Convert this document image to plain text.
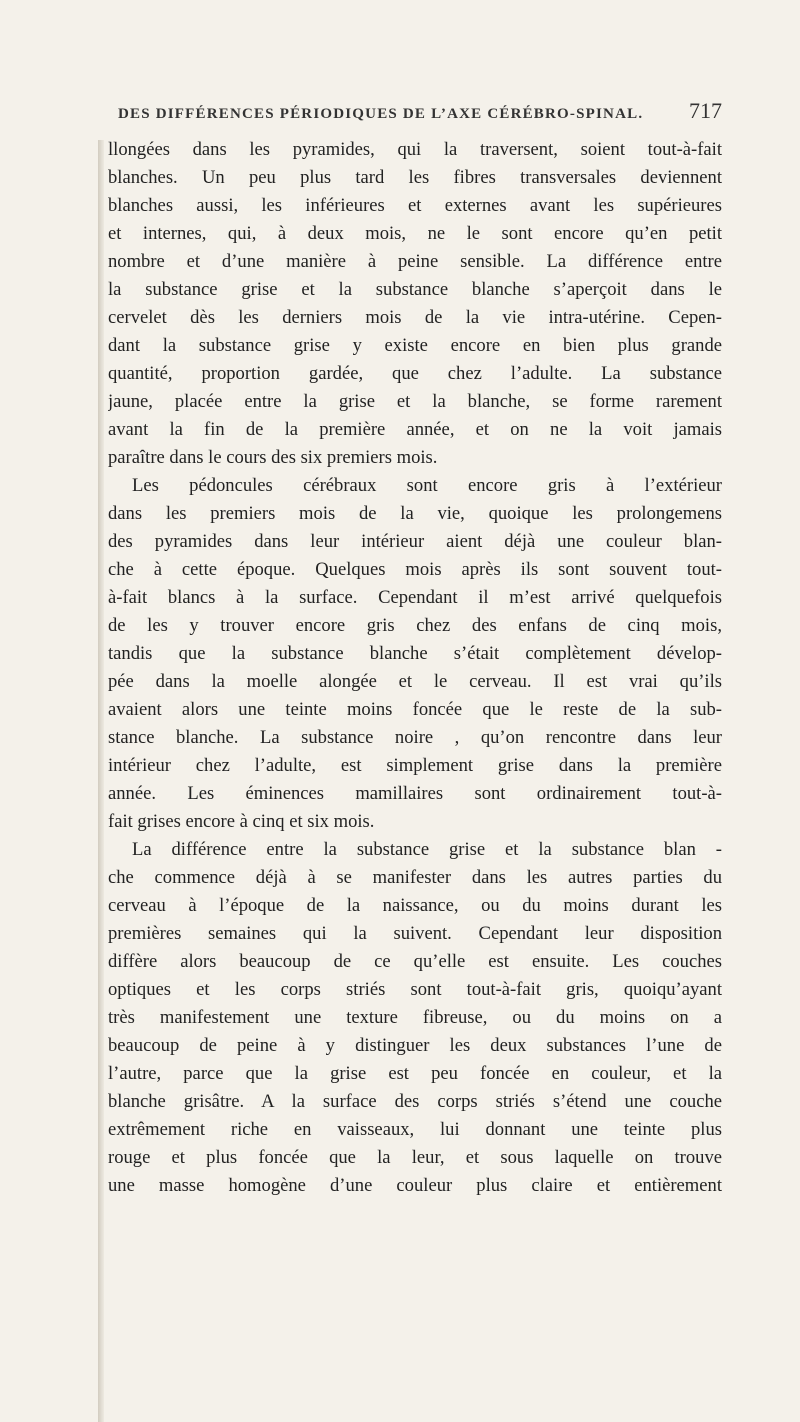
DES DIFFÉRENCES PÉRIODIQUES DE L’AXE CÉRÉBRO-SPINAL. 717

llongées dans les pyramides, qui la traversent, soient tout-à-fait
blanches. Un peu plus tard les fibres transversales deviennent
blanches aussi, les inférieures et externes avant les supérieures
et internes, qui, à deux mois, ne le sont encore qu’en petit
nombre et d’une manière à peine sensible. La différence entre
la substance grise et la substance blanche s’aperçoit dans le
cervelet dès les derniers mois de la vie intra-utérine. Cepen-
dant la substance grise y existe encore en bien plus grande
quantité, proportion gardée, que chez l’adulte. La substance
jaune, placée entre la grise et la blanche, se forme rarement
avant la fin de la première année, et on ne la voit jamais
paraître dans le cours des six premiers mois.

Les pédoncules cérébraux sont encore gris à l’extérieur
dans les premiers mois de la vie, quoique les prolongemens
des pyramides dans leur intérieur aient déjà une couleur blan-
che à cette époque. Quelques mois après ils sont souvent tout-
à-fait blancs à la surface. Cependant il m’est arrivé quelquefois
de les y trouver encore gris chez des enfans de cinq mois,
tandis que la substance blanche s’était complètement dévelop-
pée dans la moelle alongée et le cerveau. Il est vrai qu’ils
avaient alors une teinte moins foncée que le reste de la sub-
stance blanche. La substance noire , qu’on rencontre dans leur
intérieur chez l’adulte, est simplement grise dans la première
année. Les éminences mamillaires sont ordinairement tout-à-
fait grises encore à cinq et six mois.

La différence entre la substance grise et la substance blan -
che commence déjà à se manifester dans les autres parties du
cerveau à l’époque de la naissance, ou du moins durant les
premières semaines qui la suivent. Cependant leur disposition
diffère alors beaucoup de ce qu’elle est ensuite. Les couches
optiques et les corps striés sont tout-à-fait gris, quoiqu’ayant
très manifestement une texture fibreuse, ou du moins on a
beaucoup de peine à y distinguer les deux substances l’une de
l’autre, parce que la grise est peu foncée en couleur, et la
blanche grisâtre. A la surface des corps striés s’étend une couche
extrêmement riche en vaisseaux, lui donnant une teinte plus
rouge et plus foncée que la leur, et sous laquelle on trouve
une masse homogène d’une couleur plus claire et entièrement
